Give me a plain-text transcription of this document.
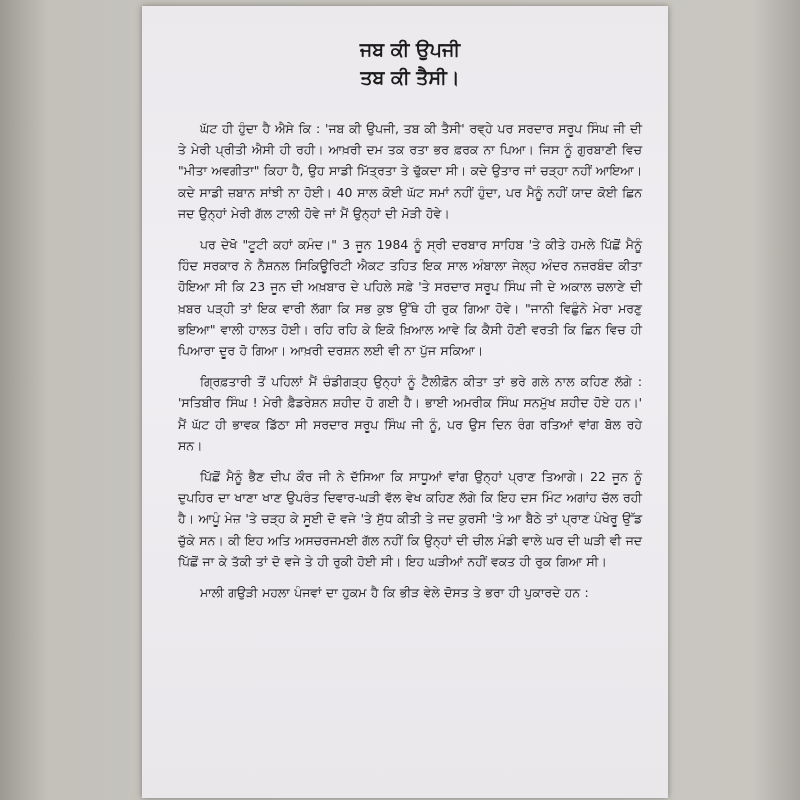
ਜਬ ਕੀ ਉਪਜੀ
ਤਬ ਕੀ ਤੈਸੀ।

ਘੱਟ ਹੀ ਹੁੰਦਾ ਹੈ ਐਸੇ ਕਿ : 'ਜਬ ਕੀ ਉਪਜੀ, ਤਬ ਕੀ ਤੈਸੀ' ਰਵ੍ਹੇ ਪਰ ਸਰਦਾਰ ਸਰੂਪ ਸਿੰਘ ਜੀ ਦੀ ਤੇ ਮੇਰੀ ਪ੍ਰੀਤੀ ਐਸੀ ਹੀ ਰਹੀ। ਆਖ਼ਰੀ ਦਮ ਤਕ ਰਤਾ ਭਰ ਫ਼ਰਕ ਨਾ ਪਿਆ। ਜਿਸ ਨੂੰ ਗੁਰਬਾਣੀ ਵਿਚ "ਮੀਤਾ ਅਵਗੀਤਾ" ਕਿਹਾ ਹੈ, ਉਹ ਸਾਡੀ ਮਿੱਤ੍ਰਤਾ ਤੇ ਢੁੱਕਦਾ ਸੀ। ਕਦੇ ਉਤਾਰ ਜਾਂ ਚੜ੍ਹਾ ਨਹੀਂ ਆਇਆ। ਕਦੇ ਸਾਡੀ ਜ਼ਬਾਨ ਸਾਂਝੀ ਨਾ ਹੋਈ। 40 ਸਾਲ ਕੋਈ ਘੱਟ ਸਮਾਂ ਨਹੀਂ ਹੁੰਦਾ, ਪਰ ਮੈਨੂੰ ਨਹੀਂ ਯਾਦ ਕੋਈ ਛਿਨ ਜਦ ਉਨ੍ਹਾਂ ਮੇਰੀ ਗੱਲ ਟਾਲੀ ਹੋਵੇ ਜਾਂ ਮੈਂ ਉਨ੍ਹਾਂ ਦੀ ਮੋੜੀ ਹੋਵੇ।

ਪਰ ਦੇਖੋ "ਟੂਟੀ ਕਹਾਂ ਕਮੰਦ।" 3 ਜੂਨ 1984 ਨੂੰ ਸ੍ਰੀ ਦਰਬਾਰ ਸਾਹਿਬ 'ਤੇ ਕੀਤੇ ਹਮਲੇ ਪਿੱਛੋਂ ਮੈਨੂੰ ਹਿੰਦ ਸਰਕਾਰ ਨੇ ਨੈਸ਼ਨਲ ਸਿਕਿਊਰਿਟੀ ਐਕਟ ਤਹਿਤ ਇਕ ਸਾਲ ਅੰਬਾਲਾ ਜੇਲ੍ਹ ਅੰਦਰ ਨਜ਼ਰਬੰਦ ਕੀਤਾ ਹੋਇਆ ਸੀ ਕਿ 23 ਜੂਨ ਦੀ ਅਖ਼ਬਾਰ ਦੇ ਪਹਿਲੇ ਸਫ਼ੇ 'ਤੇ ਸਰਦਾਰ ਸਰੂਪ ਸਿੰਘ ਜੀ ਦੇ ਅਕਾਲ ਚਲਾਣੇ ਦੀ ਖ਼ਬਰ ਪੜ੍ਹੀ ਤਾਂ ਇਕ ਵਾਰੀ ਲੱਗਾ ਕਿ ਸਭ ਕੁਝ ਉੱਥੇ ਹੀ ਰੁਕ ਗਿਆ ਹੋਵੇ। "ਜਾਨੀ ਵਿਛੁੰਨੇ ਮੇਰਾ ਮਰਣੁ ਭਇਆ" ਵਾਲੀ ਹਾਲਤ ਹੋਈ। ਰਹਿ ਰਹਿ ਕੇ ਇਕੋ ਖ਼ਿਆਲ ਆਵੇ ਕਿ ਕੈਸੀ ਹੋਣੀ ਵਰਤੀ ਕਿ ਛਿਨ ਵਿਚ ਹੀ ਪਿਆਰਾ ਦੂਰ ਹੋ ਗਿਆ। ਆਖ਼ਰੀ ਦਰਸ਼ਨ ਲਈ ਵੀ ਨਾ ਪੁੱਜ ਸਕਿਆ।

ਗ੍ਰਿਫ਼ਤਾਰੀ ਤੋਂ ਪਹਿਲਾਂ ਮੈਂ ਚੰਡੀਗੜ੍ਹ ਉਨ੍ਹਾਂ ਨੂੰ ਟੈਲੀਫ਼ੋਨ ਕੀਤਾ ਤਾਂ ਭਰੇ ਗਲੇ ਨਾਲ ਕਹਿਣ ਲੱਗੇ : 'ਸਤਿਬੀਰ ਸਿੰਘ ! ਮੇਰੀ ਫ਼ੈਡਰੇਸ਼ਨ ਸ਼ਹੀਦ ਹੋ ਗਈ ਹੈ। ਭਾਈ ਅਮਰੀਕ ਸਿੰਘ ਸਨਮੁੱਖ ਸ਼ਹੀਦ ਹੋਏ ਹਨ।' ਮੈਂ ਘੱਟ ਹੀ ਭਾਵਕ ਡਿੱਠਾ ਸੀ ਸਰਦਾਰ ਸਰੂਪ ਸਿੰਘ ਜੀ ਨੂੰ, ਪਰ ਉਸ ਦਿਨ ਰੰਗ ਰਤਿਆਂ ਵਾਂਗ ਬੋਲ ਰਹੇ ਸਨ।

ਪਿੱਛੋਂ ਮੈਨੂੰ ਭੈਣ ਦੀਪ ਕੌਰ ਜੀ ਨੇ ਦੱਸਿਆ ਕਿ ਸਾਧੂਆਂ ਵਾਂਗ ਉਨ੍ਹਾਂ ਪ੍ਰਾਣ ਤਿਆਗੇ। 22 ਜੂਨ ਨੂੰ ਦੁਪਹਿਰ ਦਾ ਖਾਣਾ ਖਾਣ ਉਪਰੰਤ ਦਿਵਾਰ-ਘੜੀ ਵੱਲ ਵੇਖ ਕਹਿਣ ਲੱਗੇ ਕਿ ਇਹ ਦਸ ਮਿੰਟ ਅਗਾਂਹ ਚੱਲ ਰਹੀ ਹੈ। ਆਪੂੰ ਮੇਜ਼ 'ਤੇ ਚੜ੍ਹ ਕੇ ਸੂਈ ਦੋ ਵਜੇ 'ਤੇ ਸੁੱਧ ਕੀਤੀ ਤੇ ਜਦ ਕੁਰਸੀ 'ਤੇ ਆ ਬੈਠੇ ਤਾਂ ਪ੍ਰਾਣ ਪੰਖੇਰੂ ਉੱਡ ਚੁੱਕੇ ਸਨ। ਕੀ ਇਹ ਅਤਿ ਅਸਚਰਜਮਈ ਗੱਲ ਨਹੀਂ ਕਿ ਉਨ੍ਹਾਂ ਦੀ ਚੀਲ ਮੰਡੀ ਵਾਲੇ ਘਰ ਦੀ ਘੜੀ ਵੀ ਜਦ ਪਿੱਛੋਂ ਜਾ ਕੇ ਤੱਕੀ ਤਾਂ ਦੋ ਵਜੇ ਤੇ ਹੀ ਰੁਕੀ ਹੋਈ ਸੀ। ਇਹ ਘੜੀਆਂ ਨਹੀਂ ਵਕਤ ਹੀ ਰੁਕ ਗਿਆ ਸੀ।

ਮਾਲੀ ਗਉੜੀ ਮਹਲਾ ਪੰਜਵਾਂ ਦਾ ਹੁਕਮ ਹੈ ਕਿ ਭੀੜ ਵੇਲੇ ਦੋਸਤ ਤੇ ਭਰਾ ਹੀ ਪੁਕਾਰਦੇ ਹਨ :
